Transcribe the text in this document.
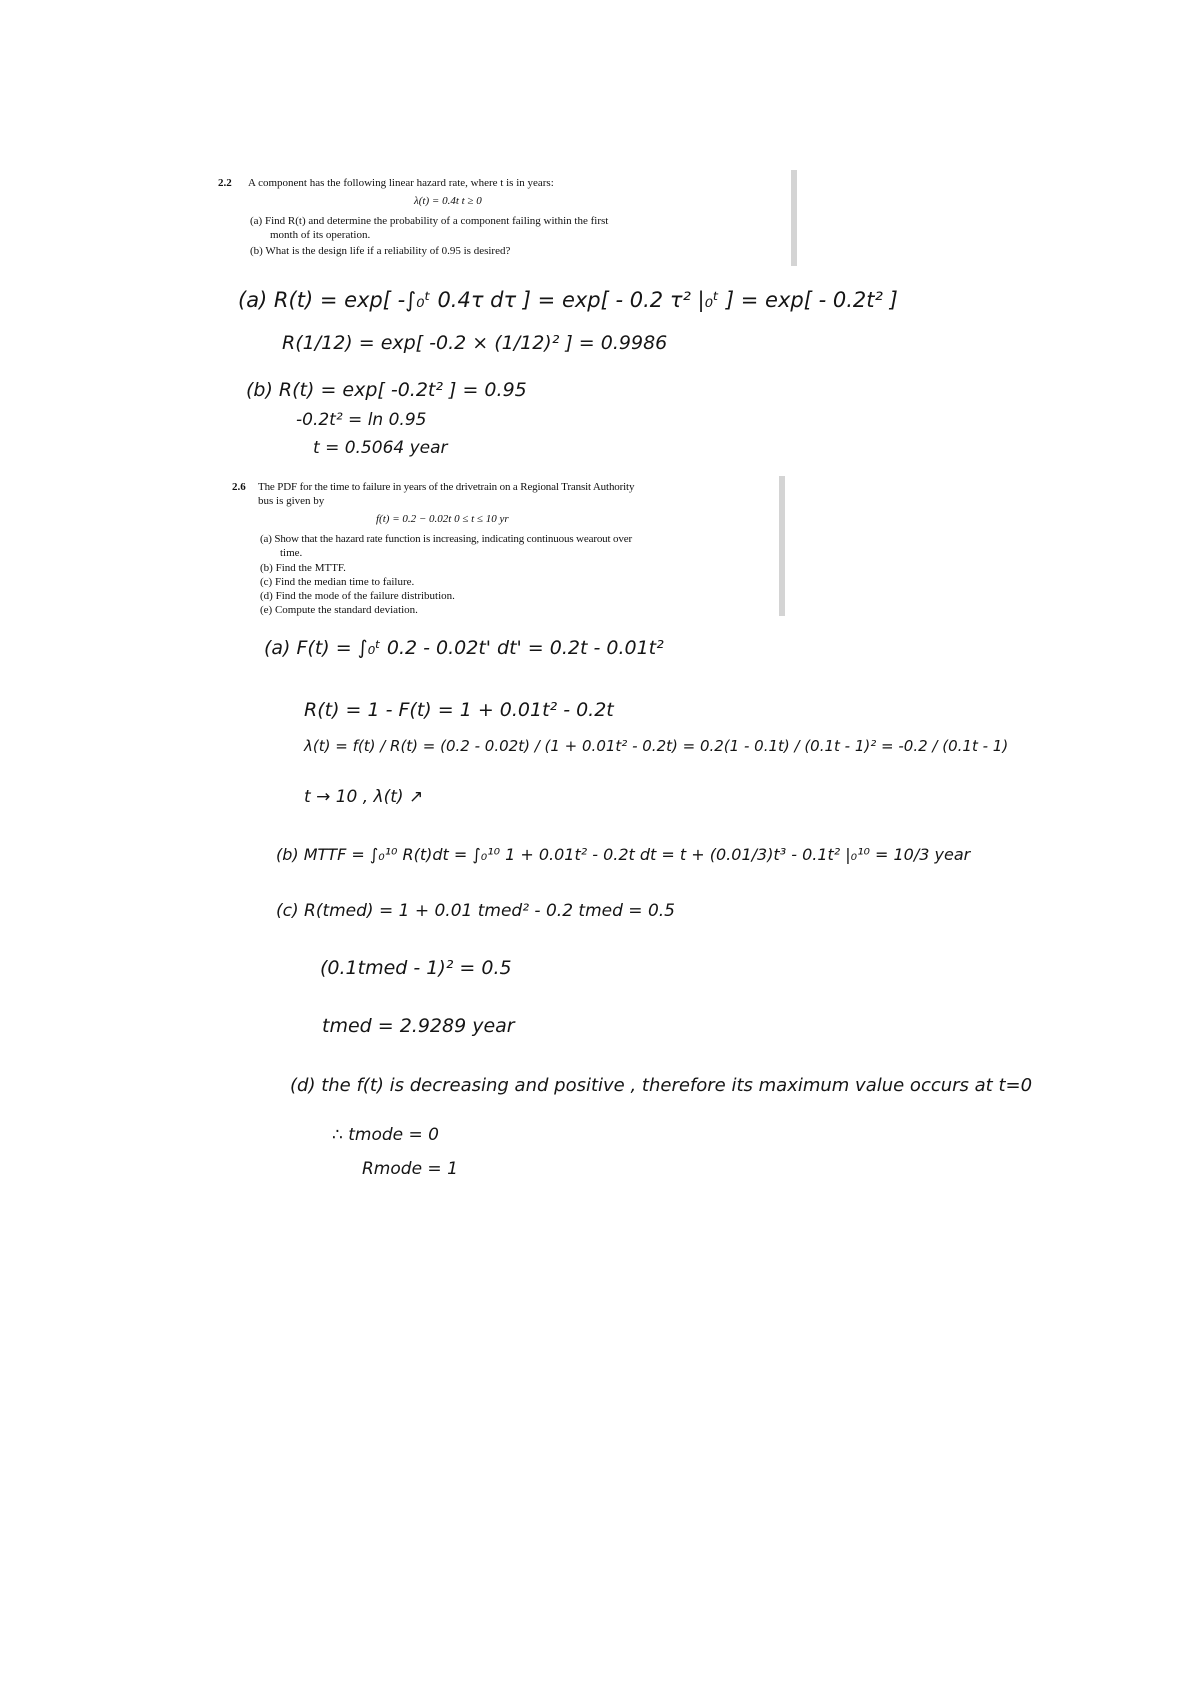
2.2 A component has the following linear hazard rate, where t is in years:
λ(t) = 0.4t t ≥ 0
(a) Find R(t) and determine the probability of a component failing within the first
month of its operation.
(b) What is the design life if a reliability of 0.95 is desired?
(a) R(t) = exp[ -∫₀ᵗ 0.4τ dτ ] = exp[ - 0.2 τ² |₀ᵗ ] = exp[ - 0.2t² ]
R(1/12) = exp[ -0.2 × (1/12)² ] = 0.9986
(b) R(t) = exp[ -0.2t² ] = 0.95
-0.2t² = ln 0.95
t = 0.5064 year
2.6 The PDF for the time to failure in years of the drivetrain on a Regional Transit Authority
bus is given by
f(t) = 0.2 − 0.02t 0 ≤ t ≤ 10 yr
(a) Show that the hazard rate function is increasing, indicating continuous wearout over
time.
(b) Find the MTTF.
(c) Find the median time to failure.
(d) Find the mode of the failure distribution.
(e) Compute the standard deviation.
(a) F(t) = ∫₀ᵗ 0.2 - 0.02t' dt' = 0.2t - 0.01t²
R(t) = 1 - F(t) = 1 + 0.01t² - 0.2t
λ(t) = f(t) / R(t) = (0.2 - 0.02t) / (1 + 0.01t² - 0.2t) = 0.2(1 - 0.1t) / (0.1t - 1)² = -0.2 / (0.1t - 1)
t → 10 , λ(t) ↗
(b) MTTF = ∫₀¹⁰ R(t)dt = ∫₀¹⁰ 1 + 0.01t² - 0.2t dt = t + (0.01/3)t³ - 0.1t² |₀¹⁰ = 10/3 year
(c) R(tmed) = 1 + 0.01 tmed² - 0.2 tmed = 0.5
(0.1tmed - 1)² = 0.5
tmed = 2.9289 year
(d) the f(t) is decreasing and positive , therefore its maximum value occurs at t=0
∴ tmode = 0
Rmode = 1
